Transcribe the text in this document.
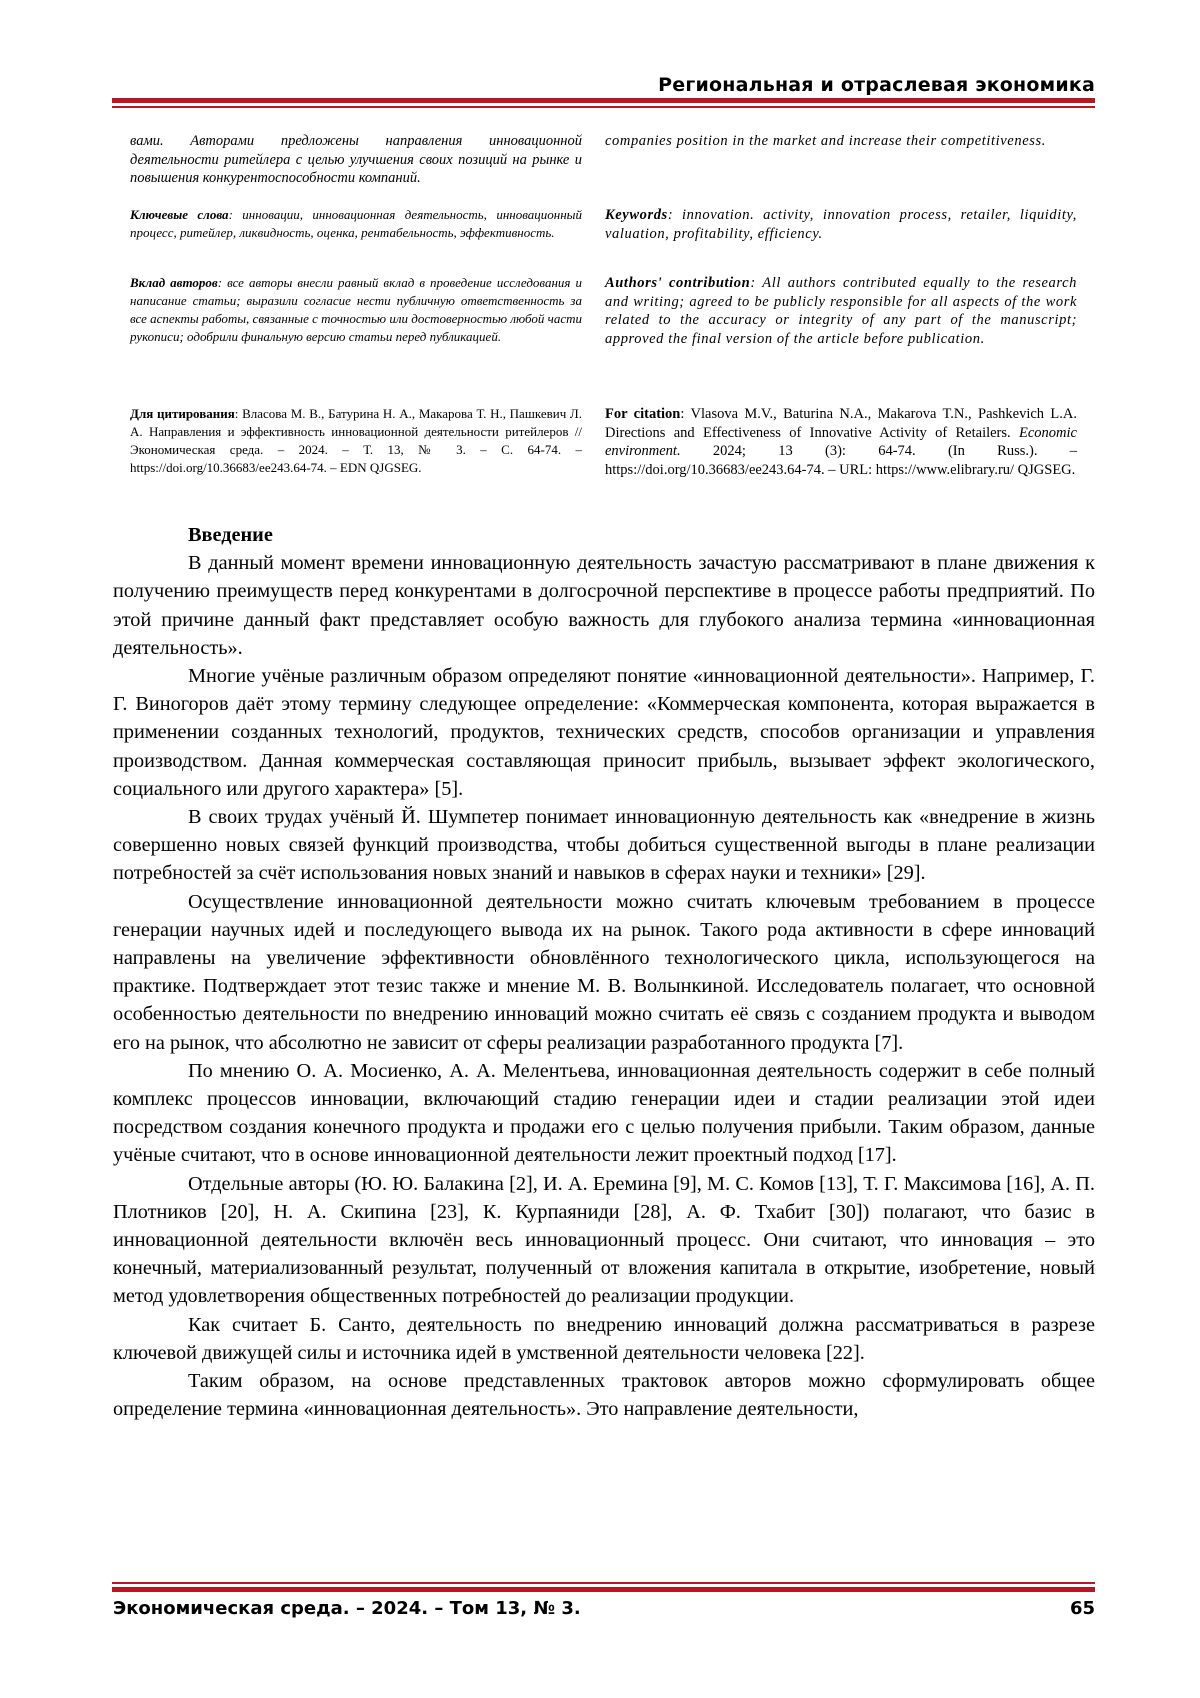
Региональная и отраслевая экономика

вами. Авторами предложены направления инновационной деятельности ритейлера с целью улучшения своих позиций на рынке и повышения конкурентоспособности компаний.

companies position in the market and increase their competitiveness.

Ключевые слова: инновации, инновационная деятельность, инновационный процесс, ритейлер, ликвидность, оценка, рентабельность, эффективность.

Keywords: innovation. activity, innovation process, retailer, liquidity, valuation, profitability, efficiency.

Вклад авторов: все авторы внесли равный вклад в проведение исследования и написание статьи; выразили согласие нести публичную ответственность за все аспекты работы, связанные с точностью или достоверностью любой части рукописи; одобрили финальную версию статьи перед публикацией.

Authors' contribution: All authors contributed equally to the research and writing; agreed to be publicly responsible for all aspects of the work related to the accuracy or integrity of any part of the manuscript; approved the final version of the article before publication.

Для цитирования: Власова М. В., Батурина Н. А., Макарова Т. Н., Пашкевич Л. А. Направления и эффективность инновационной деятельности ритейлеров // Экономическая среда. – 2024. – Т. 13, № 3. – С. 64-74. – https://doi.org/10.36683/ee243.64-74. – EDN QJGSEG.

For citation: Vlasova M.V., Baturina N.A., Makarova T.N., Pashkevich L.A. Directions and Effectiveness of Innovative Activity of Retailers. Economic environment. 2024; 13 (3): 64-74. (In Russ.). – https://doi.org/10.36683/ee243.64-74. – URL: https://www.elibrary.ru/ QJGSEG.

Введение

В данный момент времени инновационную деятельность зачастую рассматривают в плане движения к получению преимуществ перед конкурентами в долгосрочной перспективе в процессе работы предприятий. По этой причине данный факт представляет особую важность для глубокого анализа термина «инновационная деятельность».

Многие учёные различным образом определяют понятие «инновационной деятельности». Например, Г. Г. Виногоров даёт этому термину следующее определение: «Коммерческая компонента, которая выражается в применении созданных технологий, продуктов, технических средств, способов организации и управления производством. Данная коммерческая составляющая приносит прибыль, вызывает эффект экологического, социального или другого характера» [5].

В своих трудах учёный Й. Шумпетер понимает инновационную деятельность как «внедрение в жизнь совершенно новых связей функций производства, чтобы добиться существенной выгоды в плане реализации потребностей за счёт использования новых знаний и навыков в сферах науки и техники» [29].

Осуществление инновационной деятельности можно считать ключевым требованием в процессе генерации научных идей и последующего вывода их на рынок. Такого рода активности в сфере инноваций направлены на увеличение эффективности обновлённого технологического цикла, использующегося на практике. Подтверждает этот тезис также и мнение М. В. Волынкиной. Исследователь полагает, что основной особенностью деятельности по внедрению инноваций можно считать её связь с созданием продукта и выводом его на рынок, что абсолютно не зависит от сферы реализации разработанного продукта [7].

По мнению О. А. Мосиенко, А. А. Мелентьева, инновационная деятельность содержит в себе полный комплекс процессов инновации, включающий стадию генерации идеи и стадии реализации этой идеи посредством создания конечного продукта и продажи его с целью получения прибыли. Таким образом, данные учёные считают, что в основе инновационной деятельности лежит проектный подход [17].

Отдельные авторы (Ю. Ю. Балакина [2], И. А. Еремина [9], М. С. Комов [13], Т. Г. Максимова [16], А. П. Плотников [20], Н. А. Скипина [23], К. Курпаяниди [28], А. Ф. Тхабит [30]) полагают, что базис в инновационной деятельности включён весь инновационный процесс. Они считают, что инновация – это конечный, материализованный результат, полученный от вложения капитала в открытие, изобретение, новый метод удовлетворения общественных потребностей до реализации продукции.

Как считает Б. Санто, деятельность по внедрению инноваций должна рассматриваться в разрезе ключевой движущей силы и источника идей в умственной деятельности человека [22].

Таким образом, на основе представленных трактовок авторов можно сформулировать общее определение термина «инновационная деятельность». Это направление деятельности,

Экономическая среда. – 2024. – Том 13, № 3.	65
